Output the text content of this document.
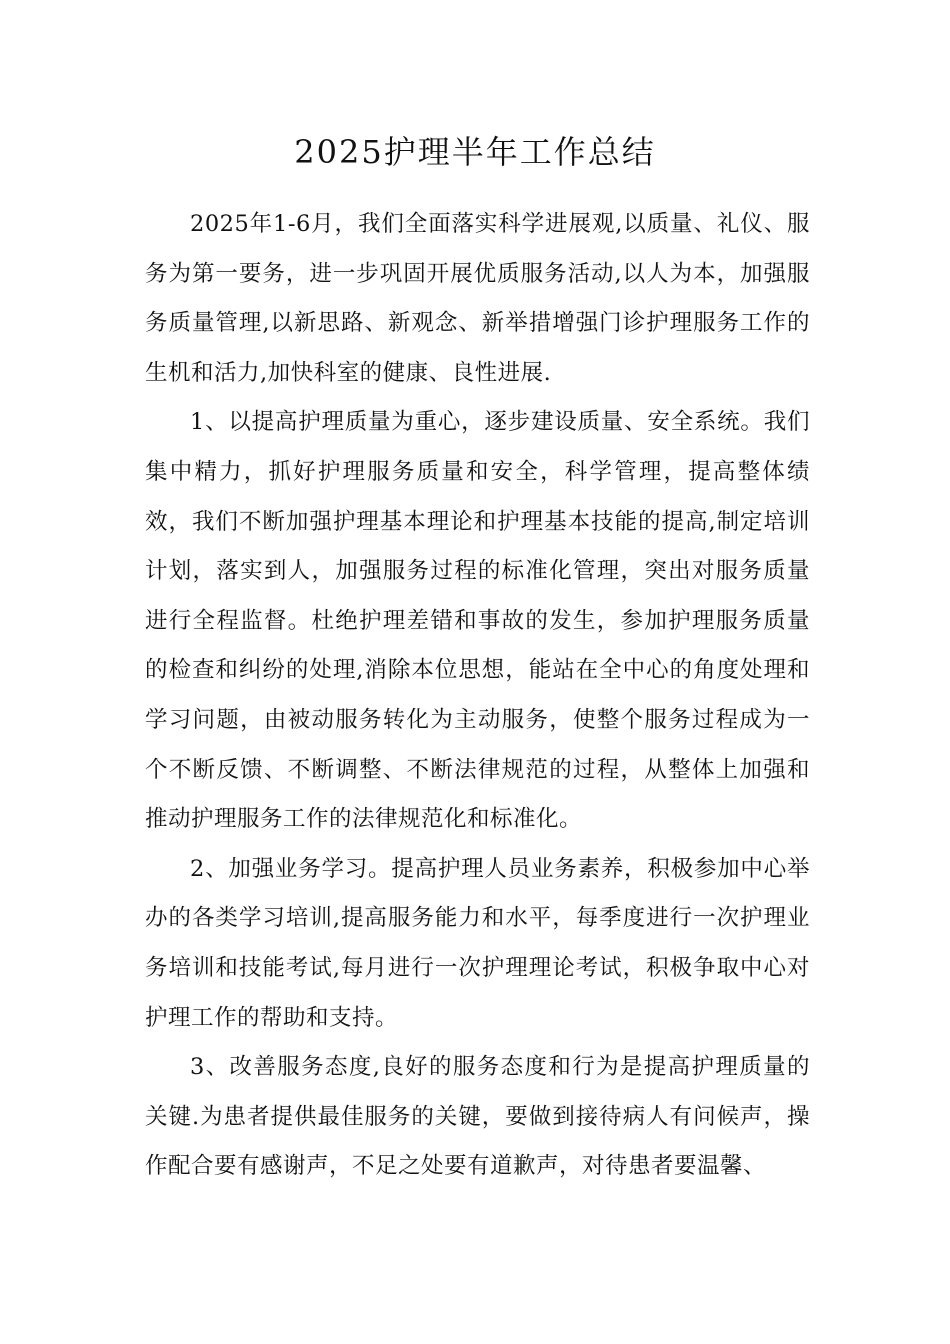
2025护理半年工作总结

2025年1-6月，我们全面落实科学进展观,以质量、礼仪、服务为第一要务，进一步巩固开展优质服务活动,以人为本，加强服务质量管理,以新思路、新观念、新举措增强门诊护理服务工作的生机和活力,加快科室的健康、良性进展.

1、以提高护理质量为重心，逐步建设质量、安全系统。我们集中精力，抓好护理服务质量和安全，科学管理，提高整体绩效，我们不断加强护理基本理论和护理基本技能的提高,制定培训计划，落实到人，加强服务过程的标准化管理，突出对服务质量进行全程监督。杜绝护理差错和事故的发生，参加护理服务质量的检查和纠纷的处理,消除本位思想，能站在全中心的角度处理和学习问题，由被动服务转化为主动服务，使整个服务过程成为一个不断反馈、不断调整、不断法律规范的过程，从整体上加强和推动护理服务工作的法律规范化和标准化。

2、加强业务学习。提高护理人员业务素养，积极参加中心举办的各类学习培训,提高服务能力和水平，每季度进行一次护理业务培训和技能考试,每月进行一次护理理论考试，积极争取中心对护理工作的帮助和支持。

3、改善服务态度,良好的服务态度和行为是提高护理质量的关键.为患者提供最佳服务的关键，要做到接待病人有问候声，操作配合要有感谢声，不足之处要有道歉声，对待患者要温馨、
